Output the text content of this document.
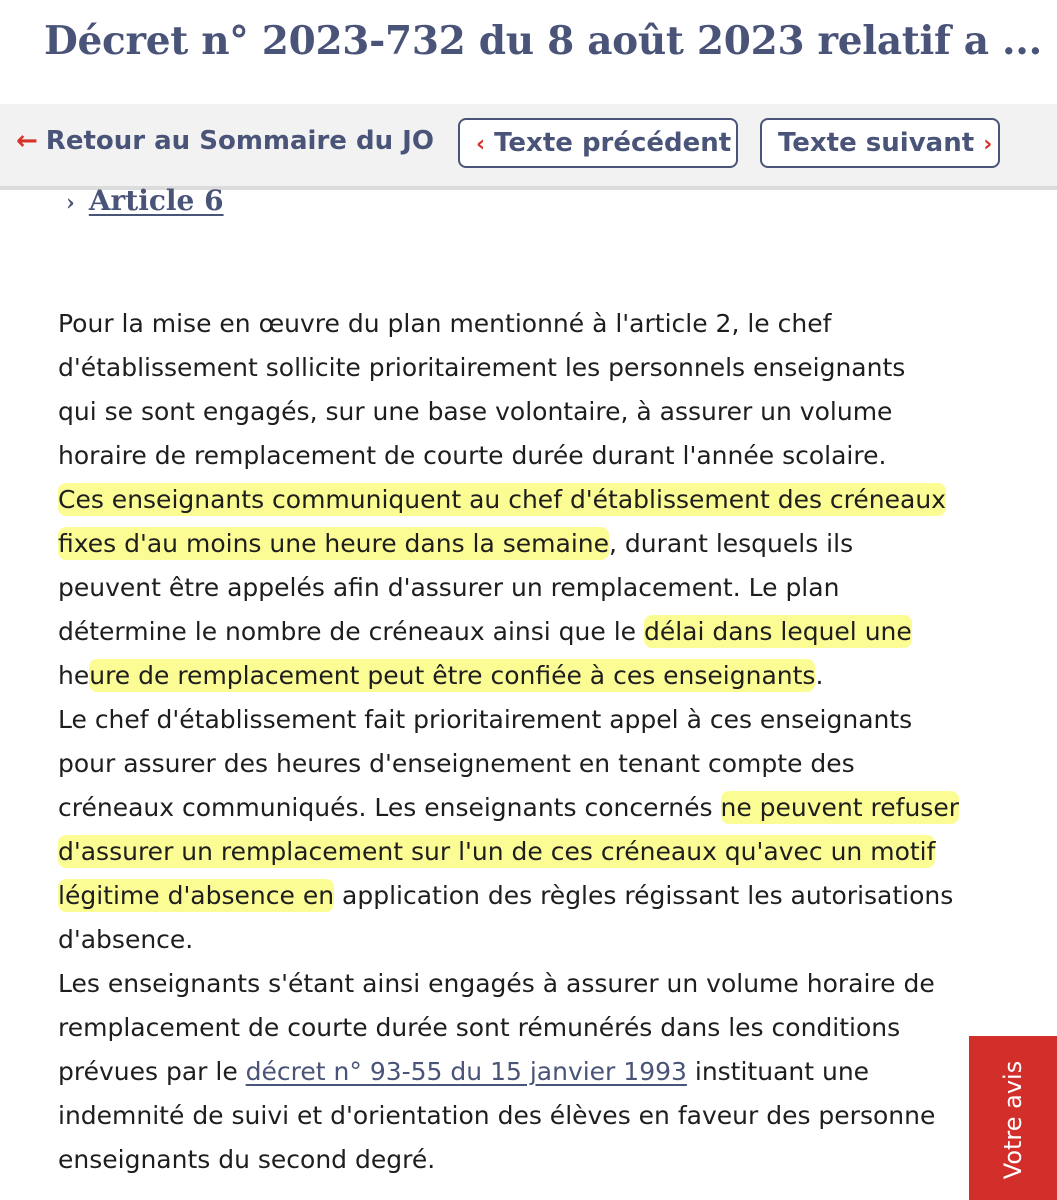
Décret n° 2023-732 du 8 août 2023 relatif a ...
← Retour au Sommaire du JO	‹ Texte précédent	Texte suivant ›
› Article 6
Pour la mise en œuvre du plan mentionné à l'article 2, le chef
d'établissement sollicite prioritairement les personnels enseignants
qui se sont engagés, sur une base volontaire, à assurer un volume
horaire de remplacement de courte durée durant l'année scolaire.
Ces enseignants communiquent au chef d'établissement des créneaux
fixes d'au moins une heure dans la semaine, durant lesquels ils
peuvent être appelés afin d'assurer un remplacement. Le plan
détermine le nombre de créneaux ainsi que le délai dans lequel une
heure de remplacement peut être confiée à ces enseignants.
Le chef d'établissement fait prioritairement appel à ces enseignants
pour assurer des heures d'enseignement en tenant compte des
créneaux communiqués. Les enseignants concernés ne peuvent refuser
d'assurer un remplacement sur l'un de ces créneaux qu'avec un motif
légitime d'absence en application des règles régissant les autorisations
d'absence.
Les enseignants s'étant ainsi engagés à assurer un volume horaire de
remplacement de courte durée sont rémunérés dans les conditions
prévues par le décret n° 93-55 du 15 janvier 1993 instituant une
indemnité de suivi et d'orientation des élèves en faveur des personne
enseignants du second degré.	Votre avis
